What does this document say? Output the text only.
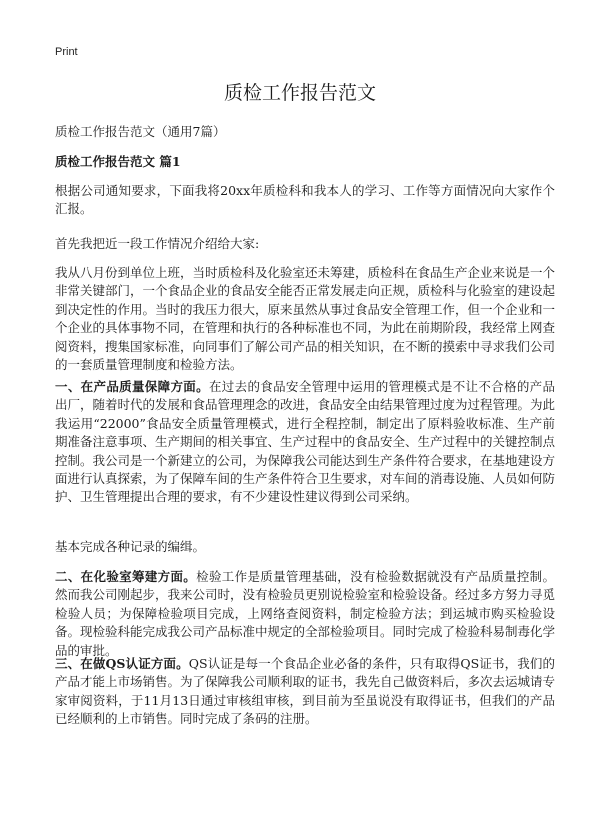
Print
质检工作报告范文

质检工作报告范文（通用7篇）

质检工作报告范文 篇1

根据公司通知要求，下面我将20xx年质检科和我本人的学习、工作等方面情况向大家作个汇报。

首先我把近一段工作情况介绍给大家:

我从八月份到单位上班，当时质检科及化验室还未筹建，质检科在食品生产企业来说是一个非常关键部门，一个食品企业的食品安全能否正常发展走向正规，质检科与化验室的建设起到决定性的作用。当时的我压力很大，原来虽然从事过食品安全管理工作，但一个企业和一个企业的具体事物不同，在管理和执行的各种标准也不同，为此在前期阶段，我经常上网查阅资料，搜集国家标准，向同事们了解公司产品的相关知识，在不断的摸索中寻求我们公司的一套质量管理制度和检验方法。

一、在产品质量保障方面。在过去的食品安全管理中运用的管理模式是不让不合格的产品出厂，随着时代的发展和食品管理理念的改进，食品安全由结果管理过度为过程管理。为此我运用“22000”食品安全质量管理模式，进行全程控制，制定出了原料验收标准、生产前期准备注意事项、生产期间的相关事宜、生产过程中的食品安全、生产过程中的关键控制点控制。我公司是一个新建立的公司，为保障我公司能达到生产条件符合要求，在基地建设方面进行认真探索，为了保障车间的生产条件符合卫生要求，对车间的消毒设施、人员如何防护、卫生管理提出合理的要求，有不少建设性建议得到公司采纳。

基本完成各种记录的编缉。

二、在化验室筹建方面。检验工作是质量管理基础，没有检验数据就没有产品质量控制。然而我公司刚起步，我来公司时，没有检验员更别说检验室和检验设备。经过多方努力寻觅检验人员；为保障检验项目完成，上网络查阅资料，制定检验方法；到运城市购买检验设备。现检验科能完成我公司产品标准中规定的全部检验项目。同时完成了检验科易制毒化学品的审批。

三、在做QS认证方面。QS认证是每一个食品企业必备的条件，只有取得QS证书，我们的产品才能上市场销售。为了保障我公司顺利取的证书，我先自己做资料后，多次去运城请专家审阅资料，于11月13日通过审核组审核，到目前为至虽说没有取得证书，但我们的产品已经顺利的上市销售。同时完成了条码的注册。
